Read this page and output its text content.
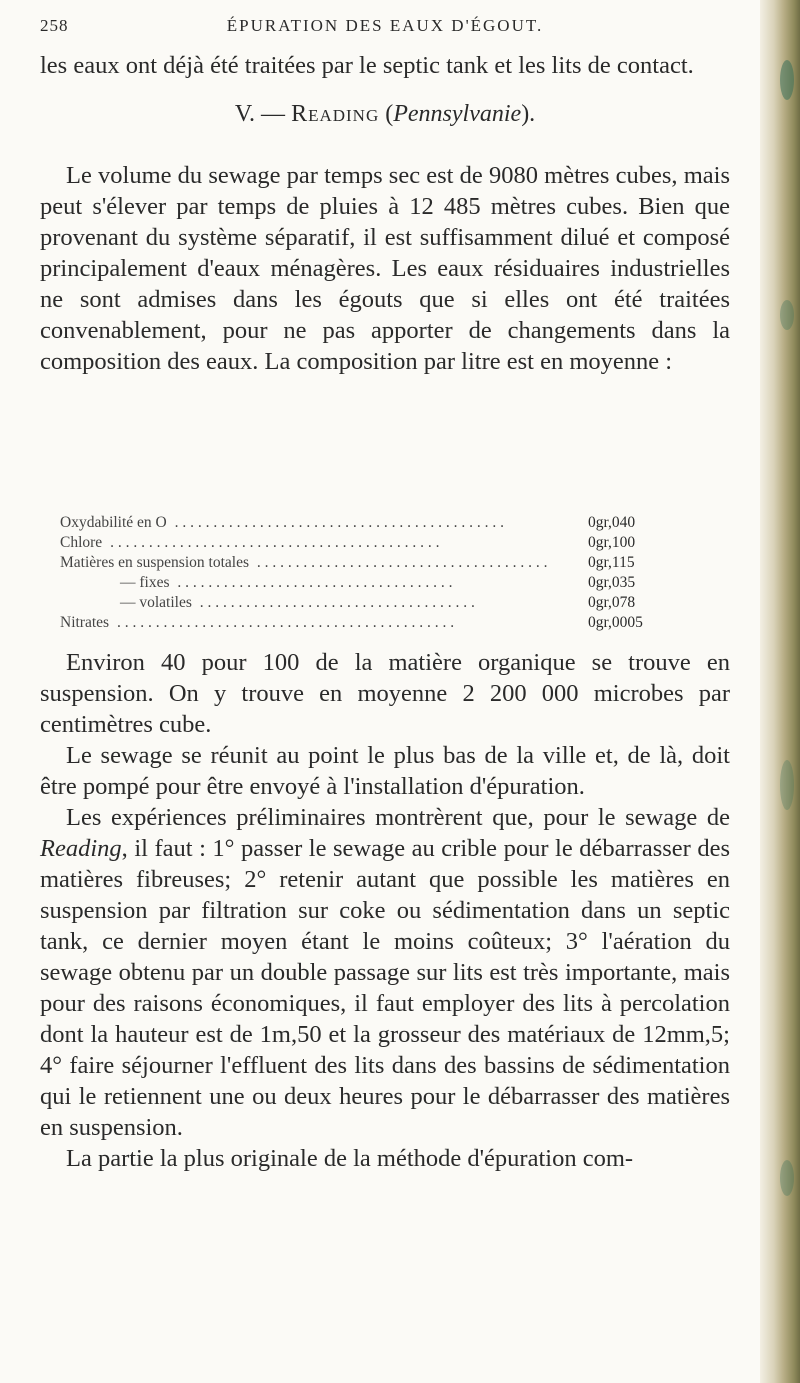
258	ÉPURATION DES EAUX D'ÉGOUT.

les eaux ont déjà été traitées par le septic tank et les lits de contact.

V. — Reading (Pennsylvanie).

Le volume du sewage par temps sec est de 9080 mètres cubes, mais peut s'élever par temps de pluies à 12 485 mètres cubes. Bien que provenant du système séparatif, il est suffisamment dilué et composé principalement d'eaux ménagères. Les eaux résiduaires industrielles ne sont admises dans les égouts que si elles ont été traitées convenablement, pour ne pas apporter de changements dans la composition des eaux. La composition par litre est en moyenne :

Oxydabilité en O . . . . . . . . . . . . . . . . . . . . . . . . . . . . . . . . . . . . . . . . . . .	0gr,040
Chlore . . . . . . . . . . . . . . . . . . . . . . . . . . . . . . . . . . . . . . . . . . .	0gr,100
Matières en suspension totales . . . . . . . . . . . . . . . . . . . . . . . . . . . . . . . . . . . . . .	0gr,115
— fixes . . . . . . . . . . . . . . . . . . . . . . . . . . . . . . . . . . . .	0gr,035
— volatiles . . . . . . . . . . . . . . . . . . . . . . . . . . . . . . . . . . . .	0gr,078
Nitrates . . . . . . . . . . . . . . . . . . . . . . . . . . . . . . . . . . . . . . . . . . . .	0gr,0005

Environ 40 pour 100 de la matière organique se trouve en suspension. On y trouve en moyenne 2 200 000 microbes par centimètres cube.

Le sewage se réunit au point le plus bas de la ville et, de là, doit être pompé pour être envoyé à l'installation d'épuration.

Les expériences préliminaires montrèrent que, pour le sewage de Reading, il faut : 1° passer le sewage au crible pour le débarrasser des matières fibreuses; 2° retenir autant que possible les matières en suspension par filtration sur coke ou sédimentation dans un septic tank, ce dernier moyen étant le moins coûteux; 3° l'aération du sewage obtenu par un double passage sur lits est très importante, mais pour des raisons économiques, il faut employer des lits à percolation dont la hauteur est de 1m,50 et la grosseur des matériaux de 12mm,5; 4° faire séjourner l'effluent des lits dans des bassins de sédimentation qui le retiennent une ou deux heures pour le débarrasser des matières en suspension.

La partie la plus originale de la méthode d'épuration com-
